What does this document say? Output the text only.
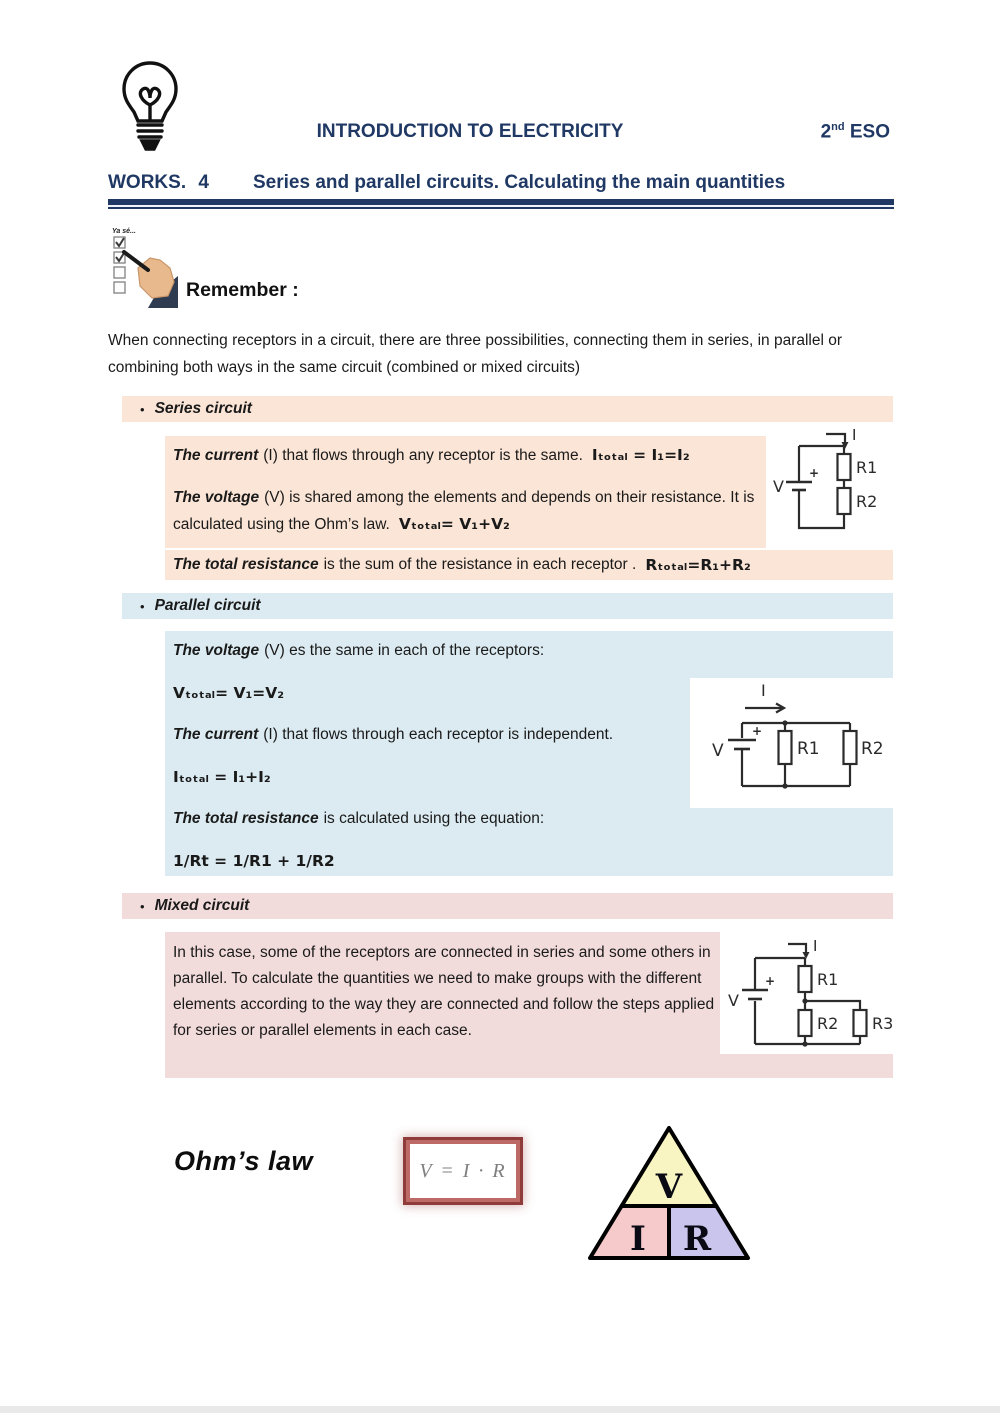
INTRODUCTION TO ELECTRICITY	2nd ESO
WORKS. 4 Series and parallel circuits. Calculating the main quantities
Ya sé...
Remember :
When connecting receptors in a circuit, there are three possibilities, connecting them in series, in parallel or combining both ways in the same circuit (combined or mixed circuits)
• Series circuit

The current (I) that flows through any receptor is the same. Iₜₒₜₐₗ = I₁=I₂

The voltage (V) is shared among the elements and depends on their resistance. It is calculated using the Ohm’s law. Vₜₒₜₐₗ= V₁+V₂

+
I
V
R1
R2
The total resistance is the sum of the resistance in each receptor . Rₜₒₜₐₗ=R₁+R₂
• Parallel circuit

The voltage (V) es the same in each of the receptors:

Vₜₒₜₐₗ= V₁=V₂

The current (I) that flows through each receptor is independent.

Iₜₒₜₐₗ = I₁+I₂

The total resistance is calculated using the equation:

1/Rt = 1/R1 + 1/R2

+
I
V	R1 R2
• Mixed circuit

In this case, some of the receptors are connected in series and some others in parallel. To calculate the quantities we need to make groups with the different elements according to the way they are connected and follow the steps applied for series or parallel elements in each case.

+
I
V
R1
R2 R3
Ohm’s law	V = I · R	V
I R
